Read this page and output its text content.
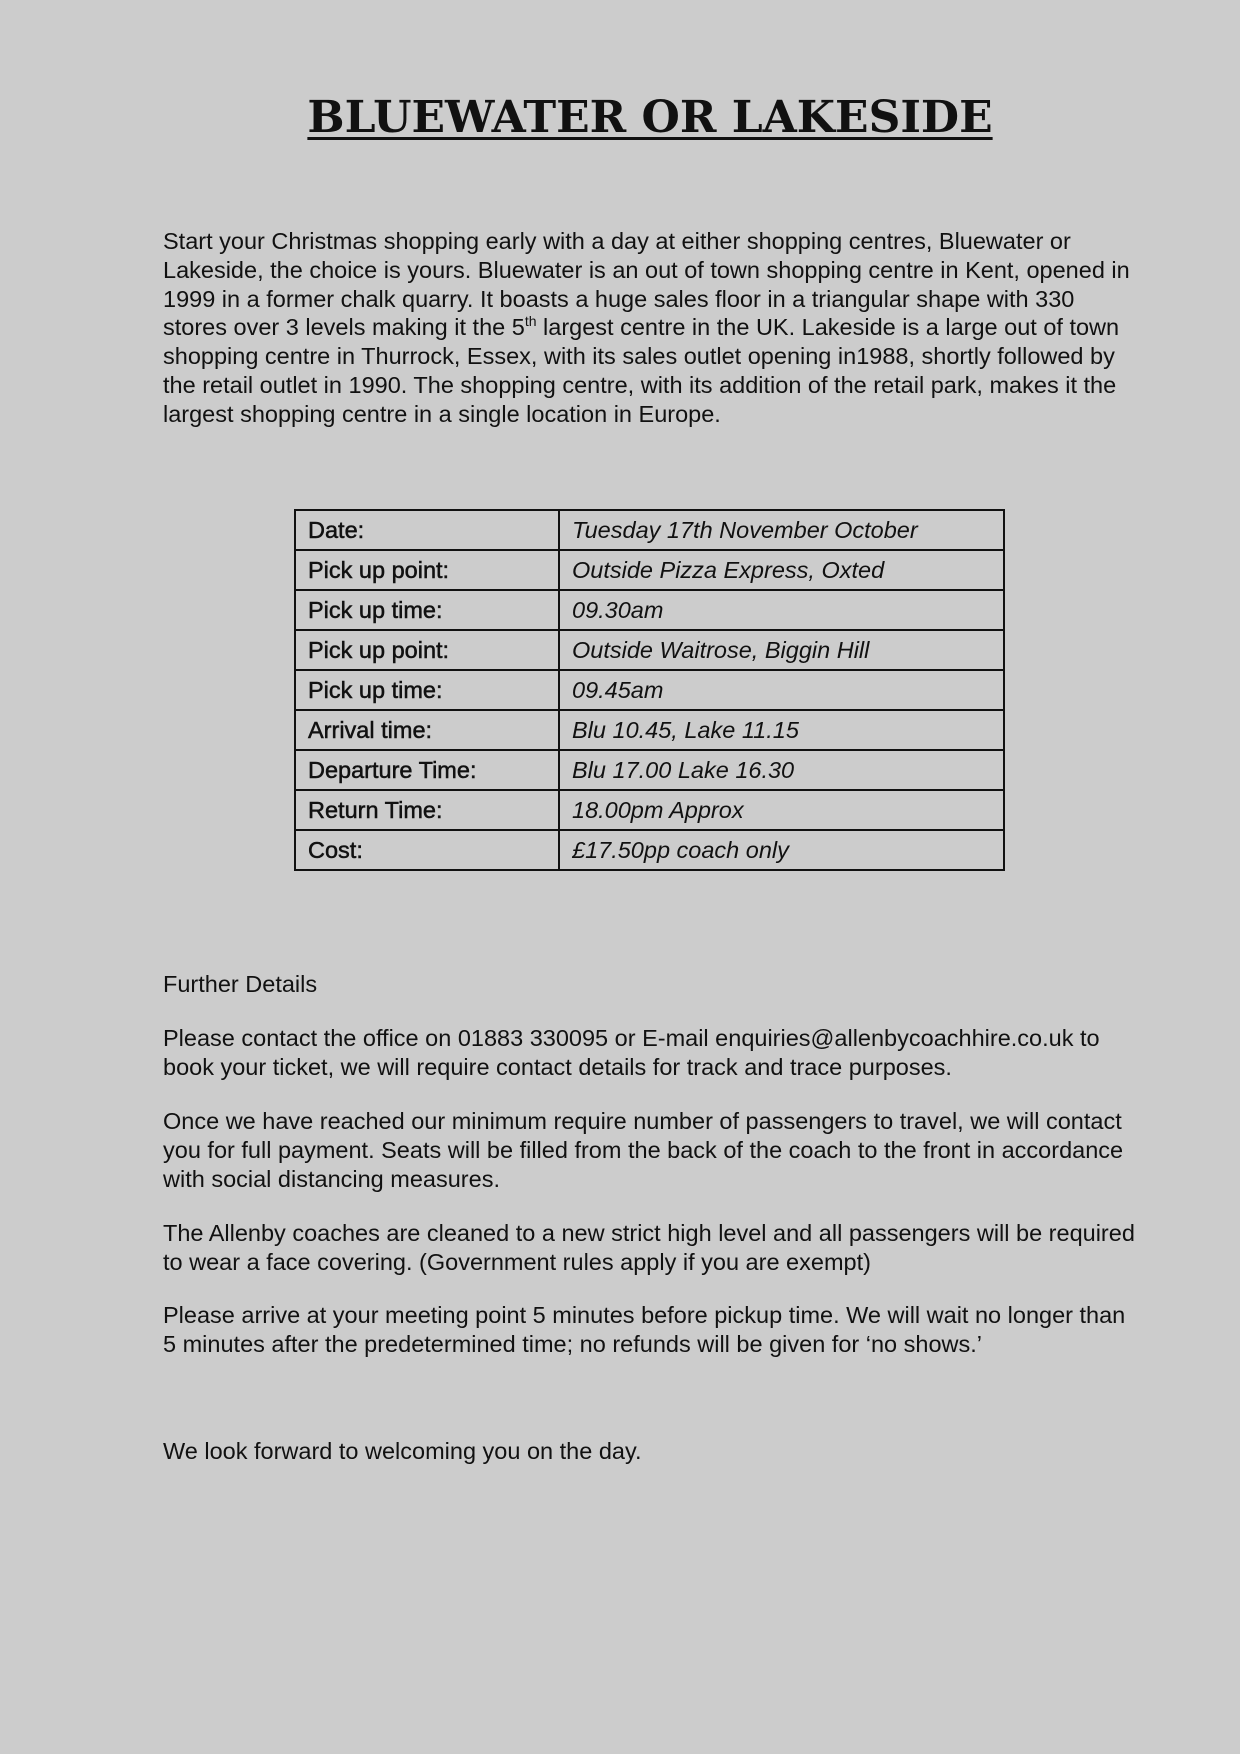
BLUEWATER OR LAKESIDE

Start your Christmas shopping early with a day at either shopping centres, Bluewater or Lakeside, the choice is yours. Bluewater is an out of town shopping centre in Kent, opened in 1999 in a former chalk quarry. It boasts a huge sales floor in a triangular shape with 330 stores over 3 levels making it the 5th largest centre in the UK. Lakeside is a large out of town shopping centre in Thurrock, Essex, with its sales outlet opening in1988, shortly followed by the retail outlet in 1990. The shopping centre, with its addition of the retail park, makes it the largest shopping centre in a single location in Europe.

Date:	Tuesday 17th November October
Pick up point:	Outside Pizza Express, Oxted
Pick up time:	09.30am
Pick up point:	Outside Waitrose, Biggin Hill
Pick up time:	09.45am
Arrival time:	Blu 10.45, Lake 11.15
Departure Time:	Blu 17.00 Lake 16.30
Return Time:	18.00pm Approx
Cost:	£17.50pp coach only

Further Details

Please contact the office on 01883 330095 or E-mail enquiries@allenbycoachhire.co.uk to book your ticket, we will require contact details for track and trace purposes.

Once we have reached our minimum require number of passengers to travel, we will contact you for full payment. Seats will be filled from the back of the coach to the front in accordance with social distancing measures.

The Allenby coaches are cleaned to a new strict high level and all passengers will be required to wear a face covering. (Government rules apply if you are exempt)

Please arrive at your meeting point 5 minutes before pickup time. We will wait no longer than 5 minutes after the predetermined time; no refunds will be given for ‘no shows.’

We look forward to welcoming you on the day.
